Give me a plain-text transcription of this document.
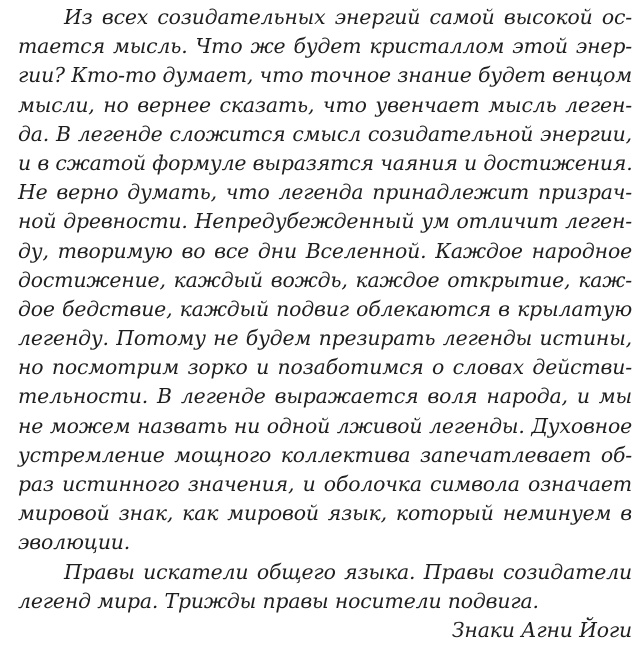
Из всех созидательных энергий самой высокой ос-
тается мысль. Что же будет кристаллом этой энер-
гии? Кто-то думает, что точное знание будет венцом
мысли, но вернее сказать, что увенчает мысль леген-
да. В легенде сложится смысл созидательной энергии,
и в сжатой формуле выразятся чаяния и достижения.
Не верно думать, что легенда принадлежит призрач-
ной древности. Непредубежденный ум отличит леген-
ду, творимую во все дни Вселенной. Каждое народное
достижение, каждый вождь, каждое открытие, каж-
дое бедствие, каждый подвиг облекаются в крылатую
легенду. Потому не будем презирать легенды истины,
но посмотрим зорко и позаботимся о словах действи-
тельности. В легенде выражается воля народа, и мы
не можем назвать ни одной лживой легенды. Духовное
устремление мощного коллектива запечатлевает об-
раз истинного значения, и оболочка символа означает
мировой знак, как мировой язык, который неминуем в
эволюции.
Правы искатели общего языка. Правы созидатели
легенд мира. Трижды правы носители подвига.
Знаки Агни Йоги
